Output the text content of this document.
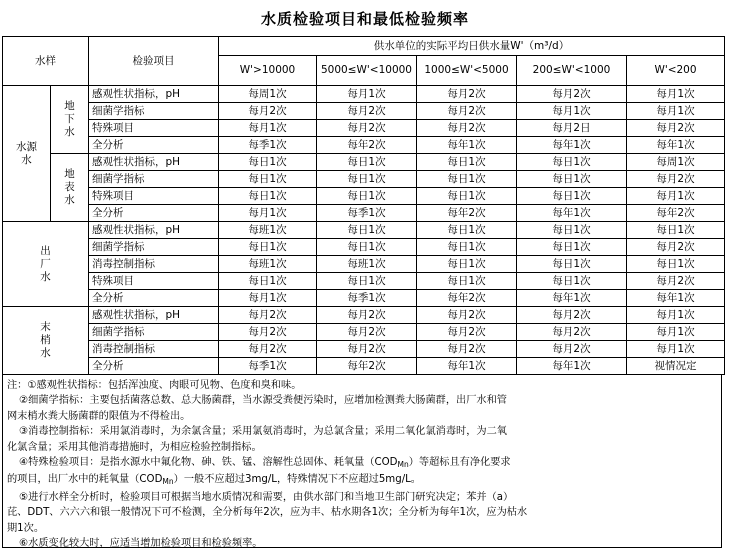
水质检验项目和最低检验频率
水样		检验项目	供水单位的实际平均日供水量W'（m³/d）				
			W'>10000	5000≤W'<10000	1000≤W'<5000	200≤W'<1000	W'<200
水源水	地下水	感观性状指标，pH	每周1次	每月1次	每月2次	每月2次	每月1次
		细菌学指标	每月2次	每月2次	每月2次	每月1次	每月1次
		特殊项目	每月1次	每月2次	每月2次	每月2日	每月2次
		全分析	每季1次	每年2次	每年1次	每年1次	每年1次
	地表水	感观性状指标，pH	每日1次	每日1次	每日1次	每日1次	每周1次
		细菌学指标	每日1次	每日1次	每日1次	每日1次	每月2次
		特殊项目	每日1次	每日1次	每日1次	每日1次	每月1次
		全分析	每月1次	每季1次	每年2次	每年1次	每年2次
出厂水		感观性状指标，pH	每班1次	每日1次	每日1次	每日1次	每日1次
		细菌学指标	每日1次	每日1次	每日1次	每日1次	每月2次
		消毒控制指标	每班1次	每班1次	每日1次	每日1次	每日1次
		特殊项目	每日1次	每日1次	每日1次	每日1次	每月2次
		全分析	每月1次	每季1次	每年2次	每年1次	每年1次
末梢水		感观性状指标，pH	每月2次	每月2次	每月2次	每月2次	每月1次
		细菌学指标	每月2次	每月2次	每月2次	每月2次	每月1次
		消毒控制指标	每月2次	每月2次	每月2次	每月2次	每月1次
		全分析	每季1次	每年2次	每年1次	每年1次	视情况定

注：①感观性状指标：包括浑浊度、肉眼可见物、色度和臭和味。

②细菌学指标：主要包括菌落总数、总大肠菌群，当水源受粪便污染时，应增加检测粪大肠菌群，出厂水和管

网末梢水粪大肠菌群的限值为不得检出。

③消毒控制指标：采用氯消毒时，为余氯含量；采用氯氨消毒时，为总氯含量；采用二氧化氯消毒时，为二氧

化氯含量；采用其他消毒措施时，为相应检验控制指标。

④特殊检验项目：是指水源水中氟化物、砷、铁、锰、溶解性总固体、耗氧量$(COD_{Mn})$等超标且有净化要求

的项目，出厂水中的耗氧量$(COD_{Mn})$一般不应超过3mg/L，特殊情况下不应超过5mg/L。

⑤进行水样全分析时，检验项目可根据当地水质情况和需要，由供水部门和当地卫生部门研究决定；苯并（a）

芘、DDT、六六六和银一般情况下可不检测，全分析每年2次，应为丰、枯水期各1次；全分析为每年1次，应为枯水

期1次。

⑥水质变化较大时，应适当增加检验项目和检验频率。
